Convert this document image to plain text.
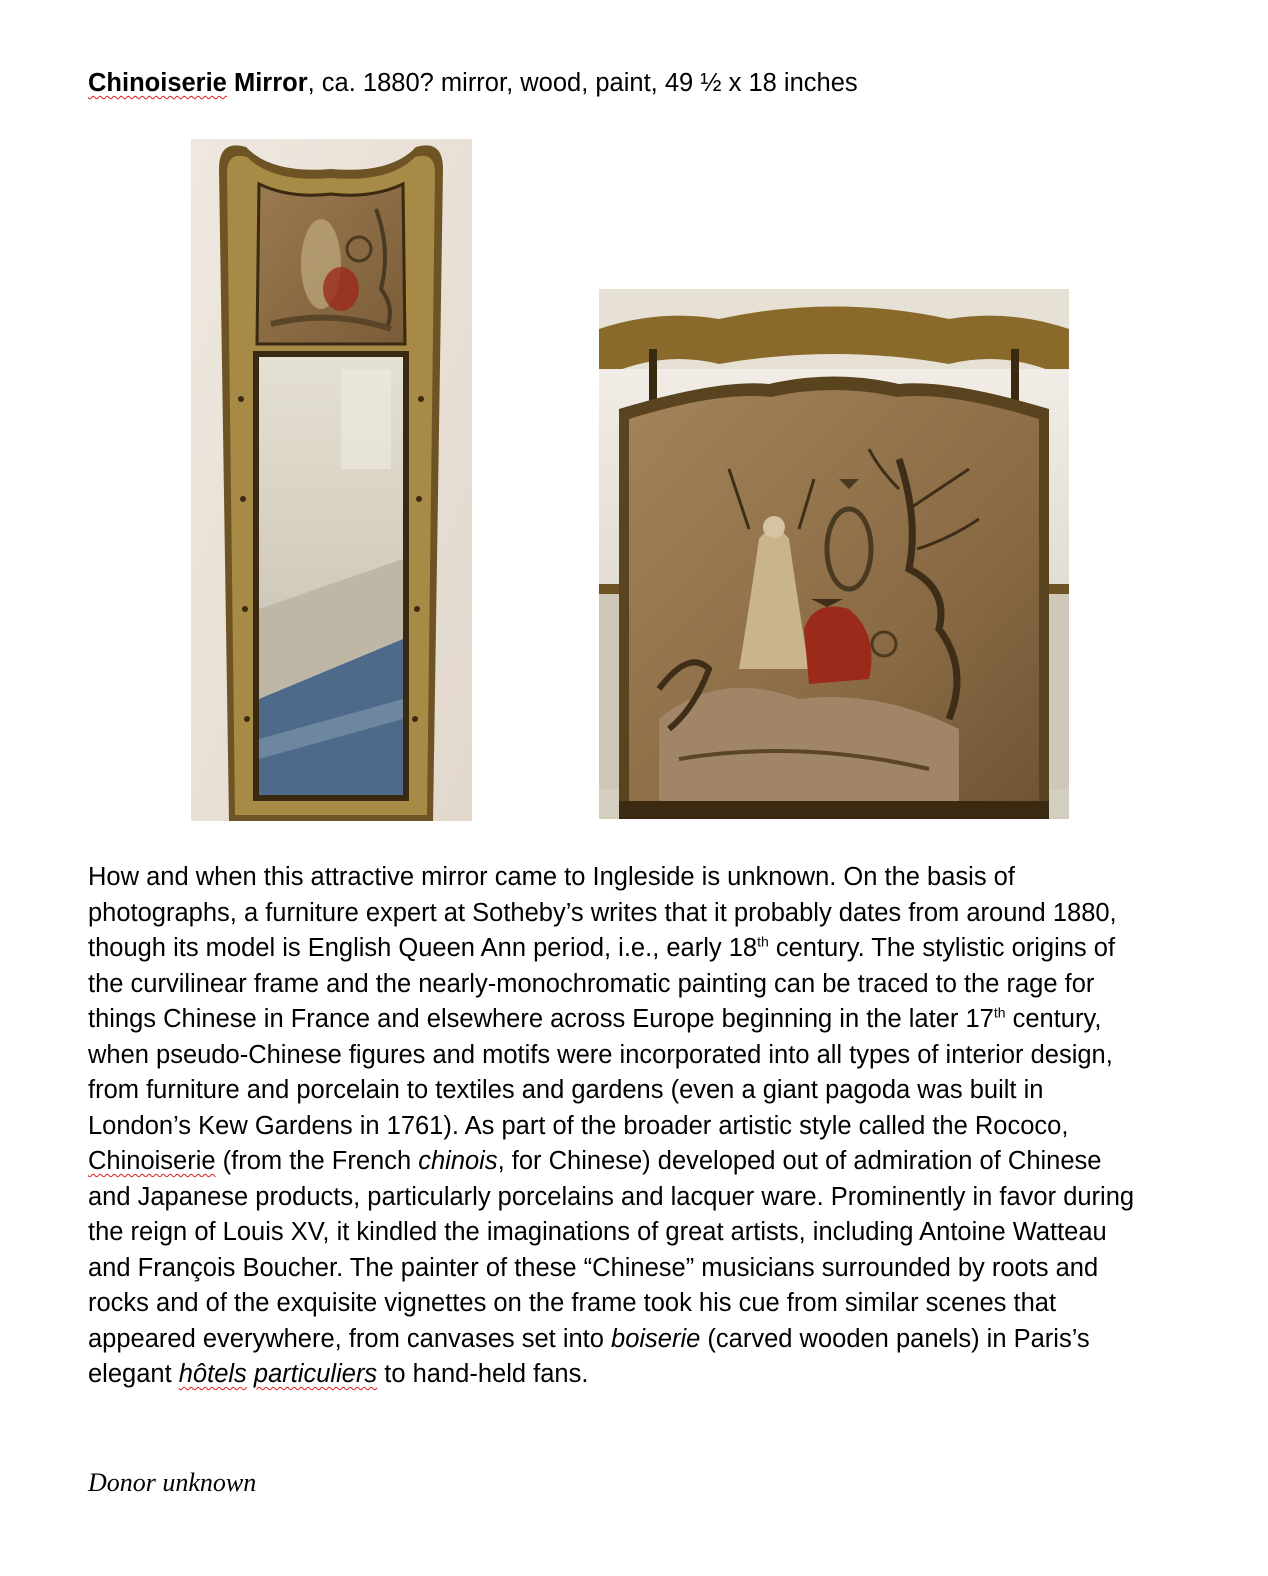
Chinoiserie Mirror, ca. 1880? mirror, wood, paint, 49 ½ x 18 inches

How and when this attractive mirror came to Ingleside is unknown. On the basis of photographs, a furniture expert at Sotheby’s writes that it probably dates from around 1880, though its model is English Queen Ann period, i.e., early 18th century. The stylistic origins of the curvilinear frame and the nearly-monochromatic painting can be traced to the rage for things Chinese in France and elsewhere across Europe beginning in the later 17th century, when pseudo-Chinese figures and motifs were incorporated into all types of interior design, from furniture and porcelain to textiles and gardens (even a giant pagoda was built in London’s Kew Gardens in 1761). As part of the broader artistic style called the Rococo, Chinoiserie (from the French chinois, for Chinese) developed out of admiration of Chinese and Japanese products, particularly porcelains and lacquer ware. Prominently in favor during the reign of Louis XV, it kindled the imaginations of great artists, including Antoine Watteau and François Boucher. The painter of these “Chinese” musicians surrounded by roots and rocks and of the exquisite vignettes on the frame took his cue from similar scenes that appeared everywhere, from canvases set into boiserie (carved wooden panels) in Paris’s elegant hôtels particuliers to hand-held fans.

Donor unknown
